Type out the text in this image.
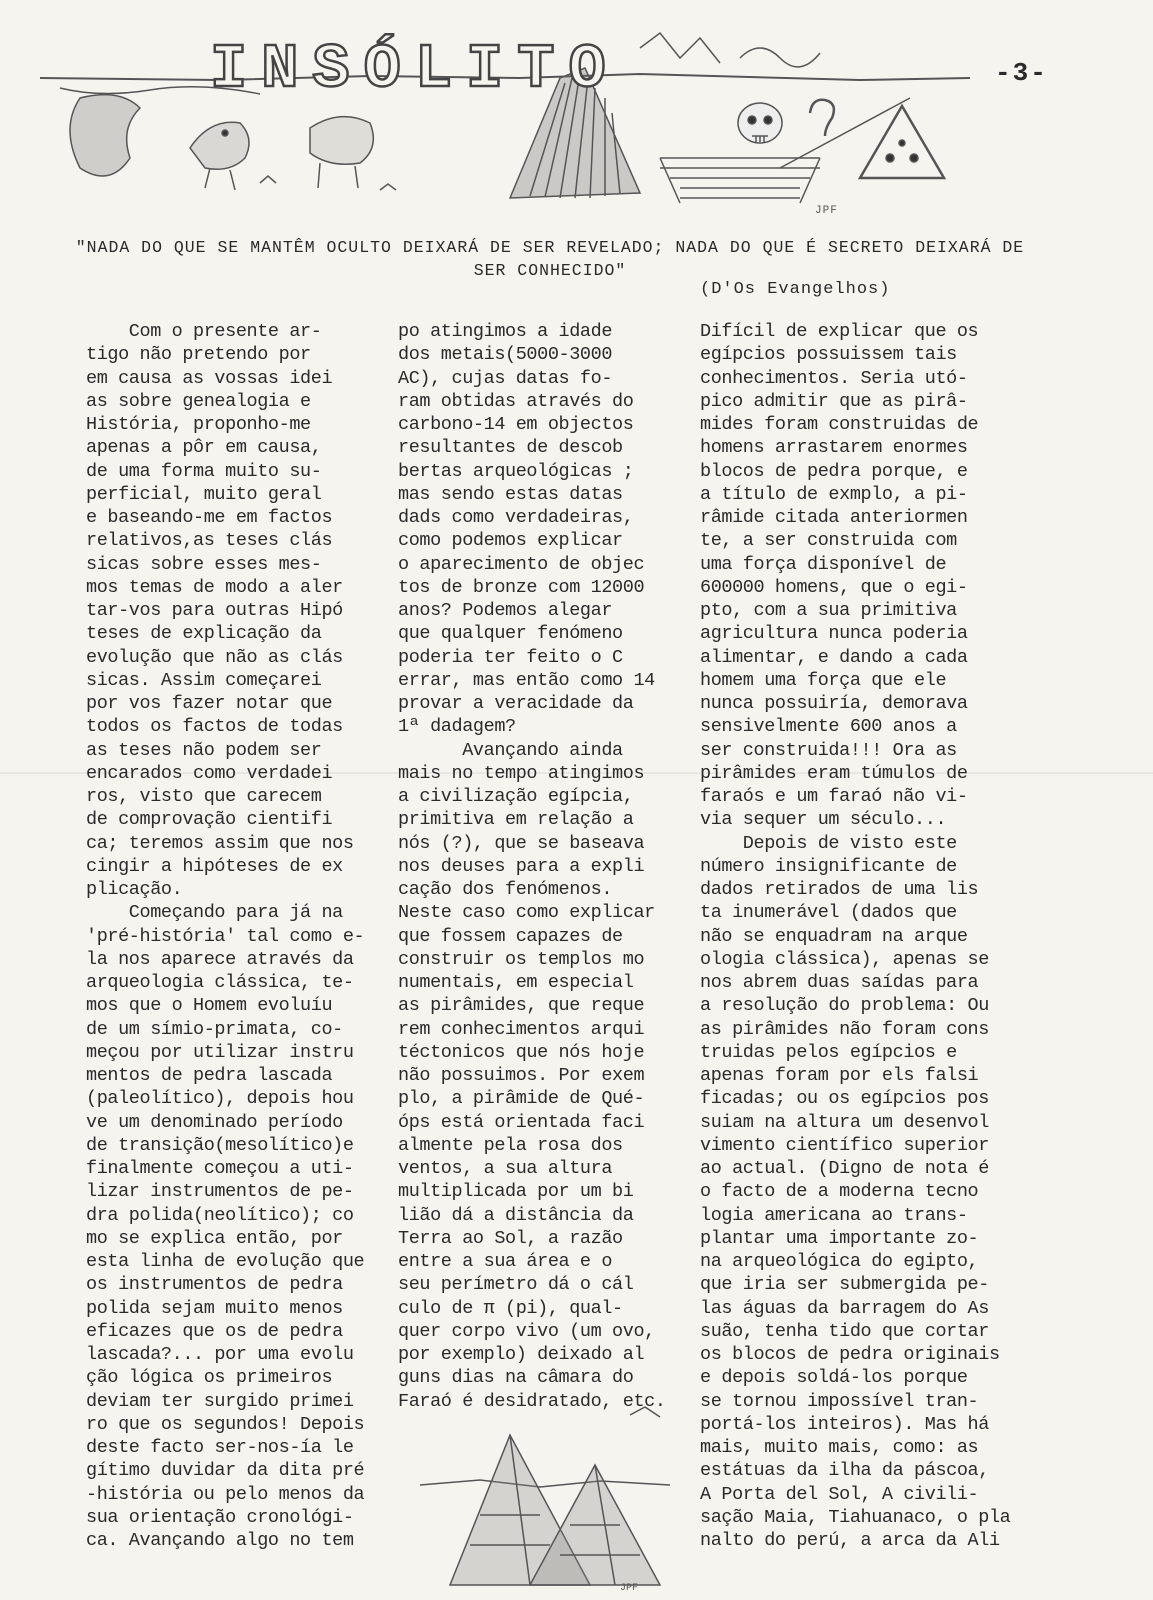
INSÓLITO	-3-
JPF
"NADA DO QUE SE MANTÊM OCULTO DEIXARÁ DE SER REVELADO; NADA DO QUE É SECRETO DEIXARÁ DE SER CONHECIDO"
(D'Os Evangelhos)
Com o presente ar-
tigo não pretendo por
em causa as vossas idei
as sobre genealogia e
História, proponho-me
apenas a pôr em causa,
de uma forma muito su-
perficial, muito geral
e baseando-me em factos
relativos,as teses clás
sicas sobre esses mes-
mos temas de modo a aler
tar-vos para outras Hipó
teses de explicação da
evolução que não as clás
sicas. Assim começarei
por vos fazer notar que
todos os factos de todas
as teses não podem ser
encarados como verdadei
ros, visto que carecem
de comprovação cientifi
ca; teremos assim que nos
cingir a hipóteses de ex
plicação.
Começando para já na
'pré-história' tal como e-
la nos aparece através da
arqueologia clássica, te-
mos que o Homem evoluíu
de um símio-primata, co-
meçou por utilizar instru
mentos de pedra lascada
(paleolítico), depois hou
ve um denominado período
de transição(mesolítico)e
finalmente começou a uti-
lizar instrumentos de pe-
dra polida(neolítico); co
mo se explica então, por
esta linha de evolução que
os instrumentos de pedra
polida sejam muito menos
eficazes que os de pedra
lascada?... por uma evolu
ção lógica os primeiros
deviam ter surgido primei
ro que os segundos! Depois
deste facto ser-nos-ía le
gítimo duvidar da dita pré
-história ou pelo menos da
sua orientação cronológi-
ca. Avançando algo no tem
po atingimos a idade
dos metais(5000-3000
AC), cujas datas fo-
ram obtidas através do
carbono-14 em objectos
resultantes de descob
bertas arqueológicas ;
mas sendo estas datas
dads como verdadeiras,
como podemos explicar
o aparecimento de objec
tos de bronze com 12000
anos? Podemos alegar
que qualquer fenómeno
poderia ter feito o C
errar, mas então como 14
provar a veracidade da
1ª dadagem?
Avançando ainda
mais no tempo atingimos
a civilização egípcia,
primitiva em relação a
nós (?), que se baseava
nos deuses para a expli
cação dos fenómenos.
Neste caso como explicar
que fossem capazes de
construir os templos mo
numentais, em especial
as pirâmides, que reque
rem conhecimentos arqui
téctonicos que nós hoje
não possuimos. Por exem
plo, a pirâmide de Qué-
óps está orientada faci
almente pela rosa dos
ventos, a sua altura
multiplicada por um bi
lião dá a distância da
Terra ao Sol, a razão
entre a sua área e o
seu perímetro dá o cál
culo de π (pi), qual-
quer corpo vivo (um ovo,
por exemplo) deixado al
guns dias na câmara do
Faraó é desidratado, etc.
Difícil de explicar que os
egípcios possuissem tais
conhecimentos. Seria utó-
pico admitir que as pirâ-
mides foram construidas de
homens arrastarem enormes
blocos de pedra porque, e
a título de exmplo, a pi-
râmide citada anteriormen
te, a ser construida com
uma força disponível de
600000 homens, que o egi-
pto, com a sua primitiva
agricultura nunca poderia
alimentar, e dando a cada
homem uma força que ele
nunca possuiría, demorava
sensivelmente 600 anos a
ser construida!!! Ora as
pirâmides eram túmulos de
faraós e um faraó não vi-
via sequer um século...
Depois de visto este
número insignificante de
dados retirados de uma lis
ta inumerável (dados que
não se enquadram na arque
ologia clássica), apenas se
nos abrem duas saídas para
a resolução do problema: Ou
as pirâmides não foram cons
truidas pelos egípcios e
apenas foram por els falsi
ficadas; ou os egípcios pos
suiam na altura um desenvol
vimento científico superior
ao actual. (Digno de nota é
o facto de a moderna tecno
logia americana ao trans-
plantar uma importante zo-
na arqueológica do egipto,
que iria ser submergida pe-
las águas da barragem do As
suão, tenha tido que cortar
os blocos de pedra originais
e depois soldá-los porque
se tornou impossível tran-
portá-los inteiros). Mas há
mais, muito mais, como: as
estátuas da ilha da páscoa,
A Porta del Sol, A civili-
sação Maia, Tiahuanaco, o pla
nalto do perú, a arca da Ali
JPF
